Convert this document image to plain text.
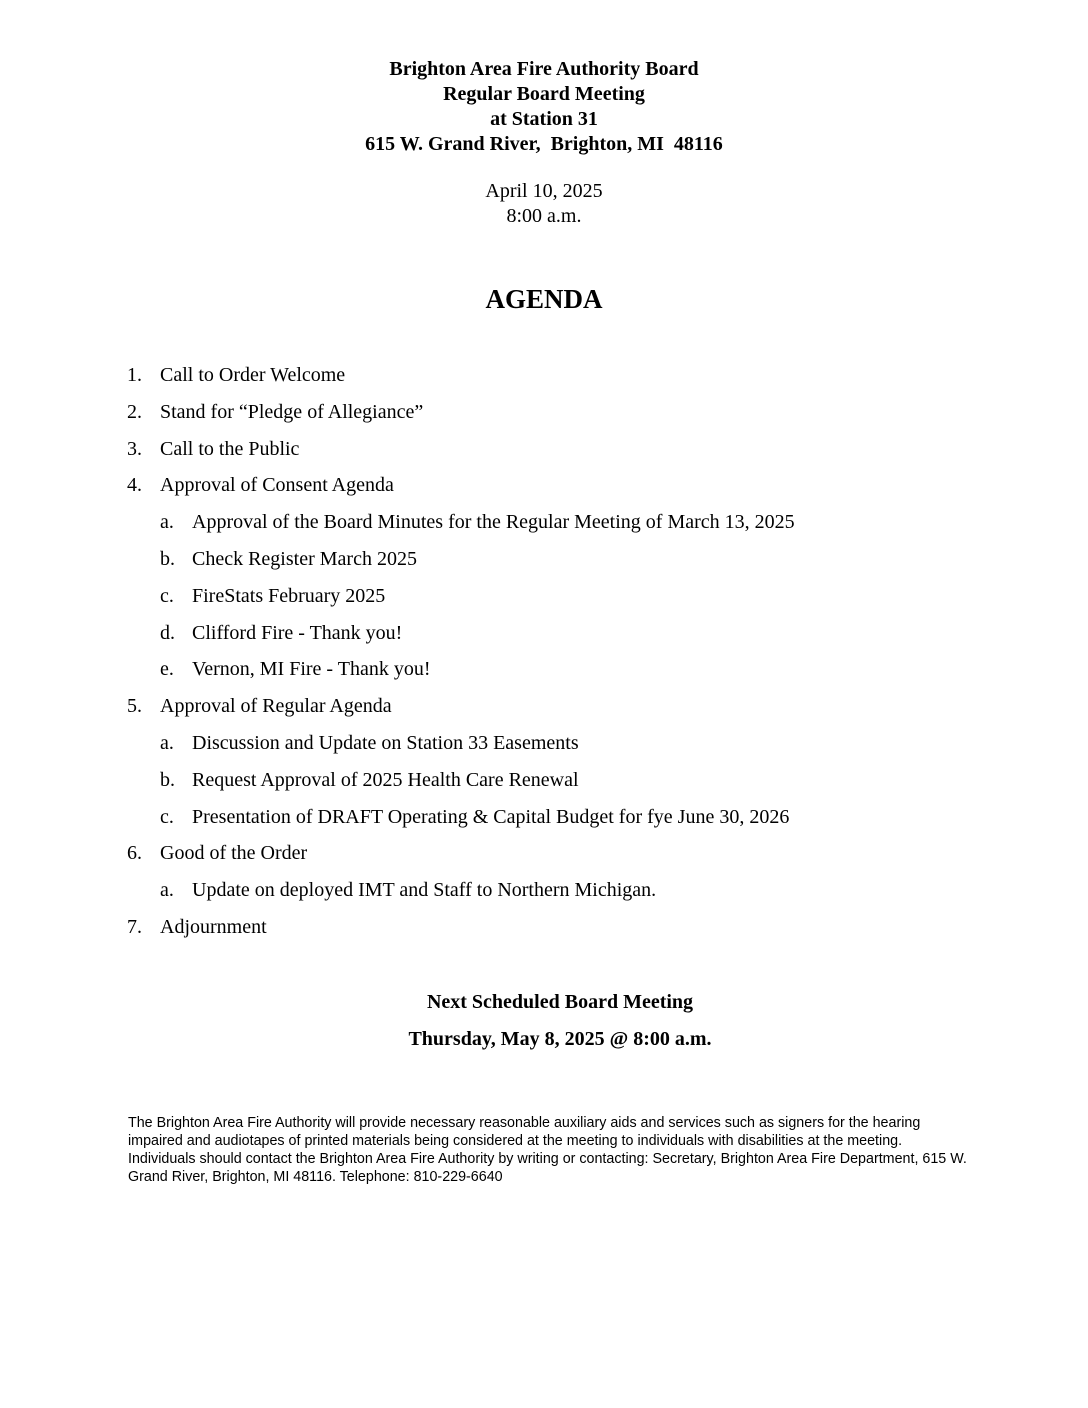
Brighton Area Fire Authority Board
Regular Board Meeting
at Station 31
615 W. Grand River,  Brighton, MI  48116
April 10, 2025
8:00 a.m.
AGENDA
1. Call to Order Welcome
2. Stand for “Pledge of Allegiance”
3. Call to the Public
4. Approval of Consent Agenda
a. Approval of the Board Minutes for the Regular Meeting of March 13, 2025
b. Check Register March 2025
c. FireStats February 2025
d. Clifford Fire - Thank you!
e. Vernon, MI Fire - Thank you!
5. Approval of Regular Agenda
a. Discussion and Update on Station 33 Easements
b. Request Approval of 2025 Health Care Renewal
c. Presentation of DRAFT Operating & Capital Budget for fye June 30, 2026
6. Good of the Order
a. Update on deployed IMT and Staff to Northern Michigan.
7. Adjournment
Next Scheduled Board Meeting
Thursday, May 8, 2025 @ 8:00 a.m.

The Brighton Area Fire Authority will provide necessary reasonable auxiliary aids and services such as signers for the hearing impaired and audiotapes of printed materials being considered at the meeting to individuals with disabilities at the meeting. Individuals should contact the Brighton Area Fire Authority by writing or contacting: Secretary, Brighton Area Fire Department, 615 W. Grand River, Brighton, MI 48116. Telephone: 810-229-6640
